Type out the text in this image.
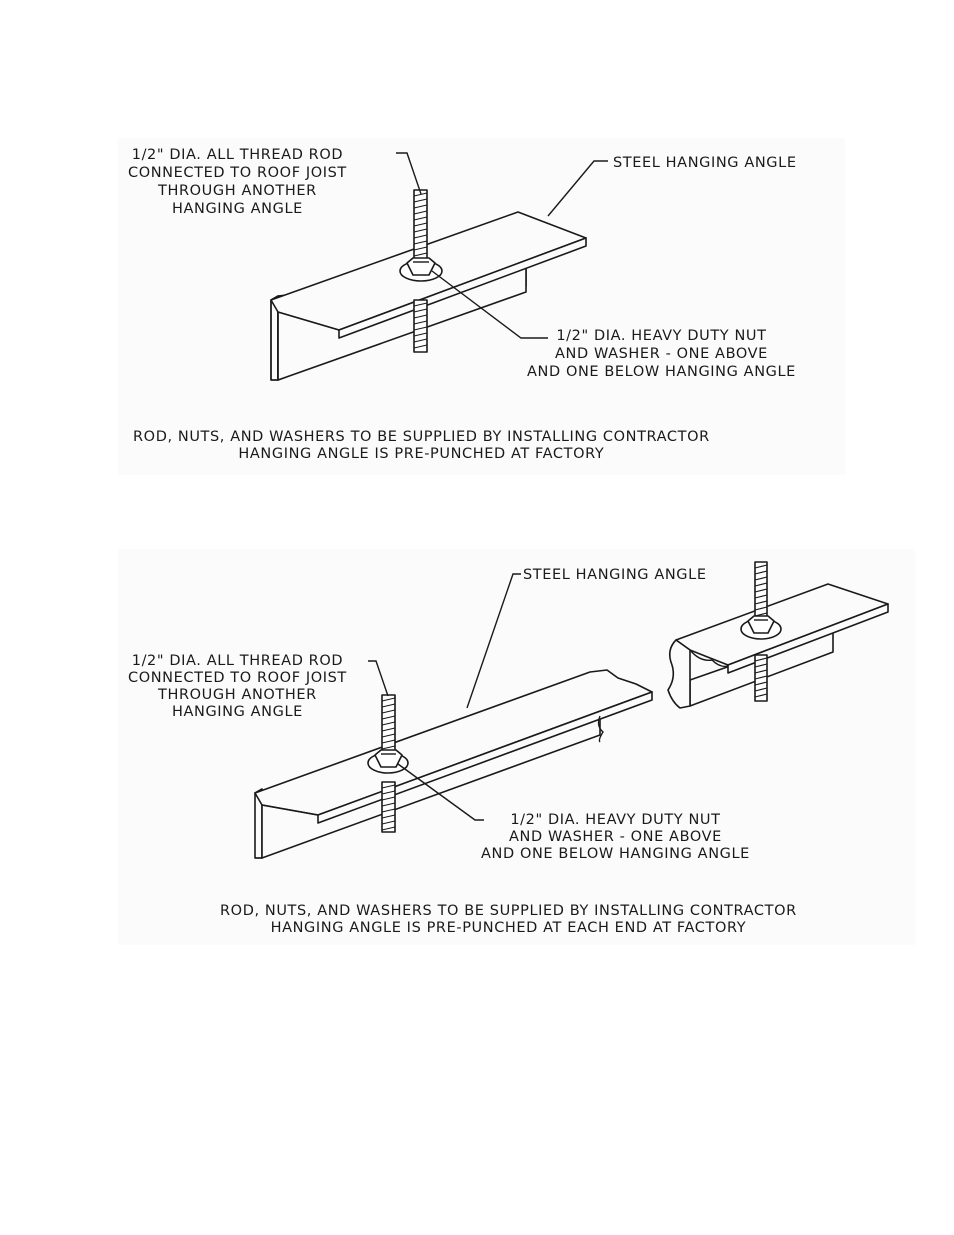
1/2" DIA. ALL THREAD ROD
CONNECTED TO ROOF JOIST
THROUGH ANOTHER
HANGING ANGLE

STEEL HANGING ANGLE

1/2" DIA. HEAVY DUTY NUT
AND WASHER - ONE ABOVE
AND ONE BELOW HANGING ANGLE

ROD, NUTS, AND WASHERS TO BE SUPPLIED BY INSTALLING CONTRACTOR
HANGING ANGLE IS PRE-PUNCHED AT FACTORY

STEEL HANGING ANGLE

1/2" DIA. ALL THREAD ROD
CONNECTED TO ROOF JOIST
THROUGH ANOTHER
HANGING ANGLE

1/2" DIA. HEAVY DUTY NUT
AND WASHER - ONE ABOVE
AND ONE BELOW HANGING ANGLE

ROD, NUTS, AND WASHERS TO BE SUPPLIED BY INSTALLING CONTRACTOR
HANGING ANGLE IS PRE-PUNCHED AT EACH END AT FACTORY
